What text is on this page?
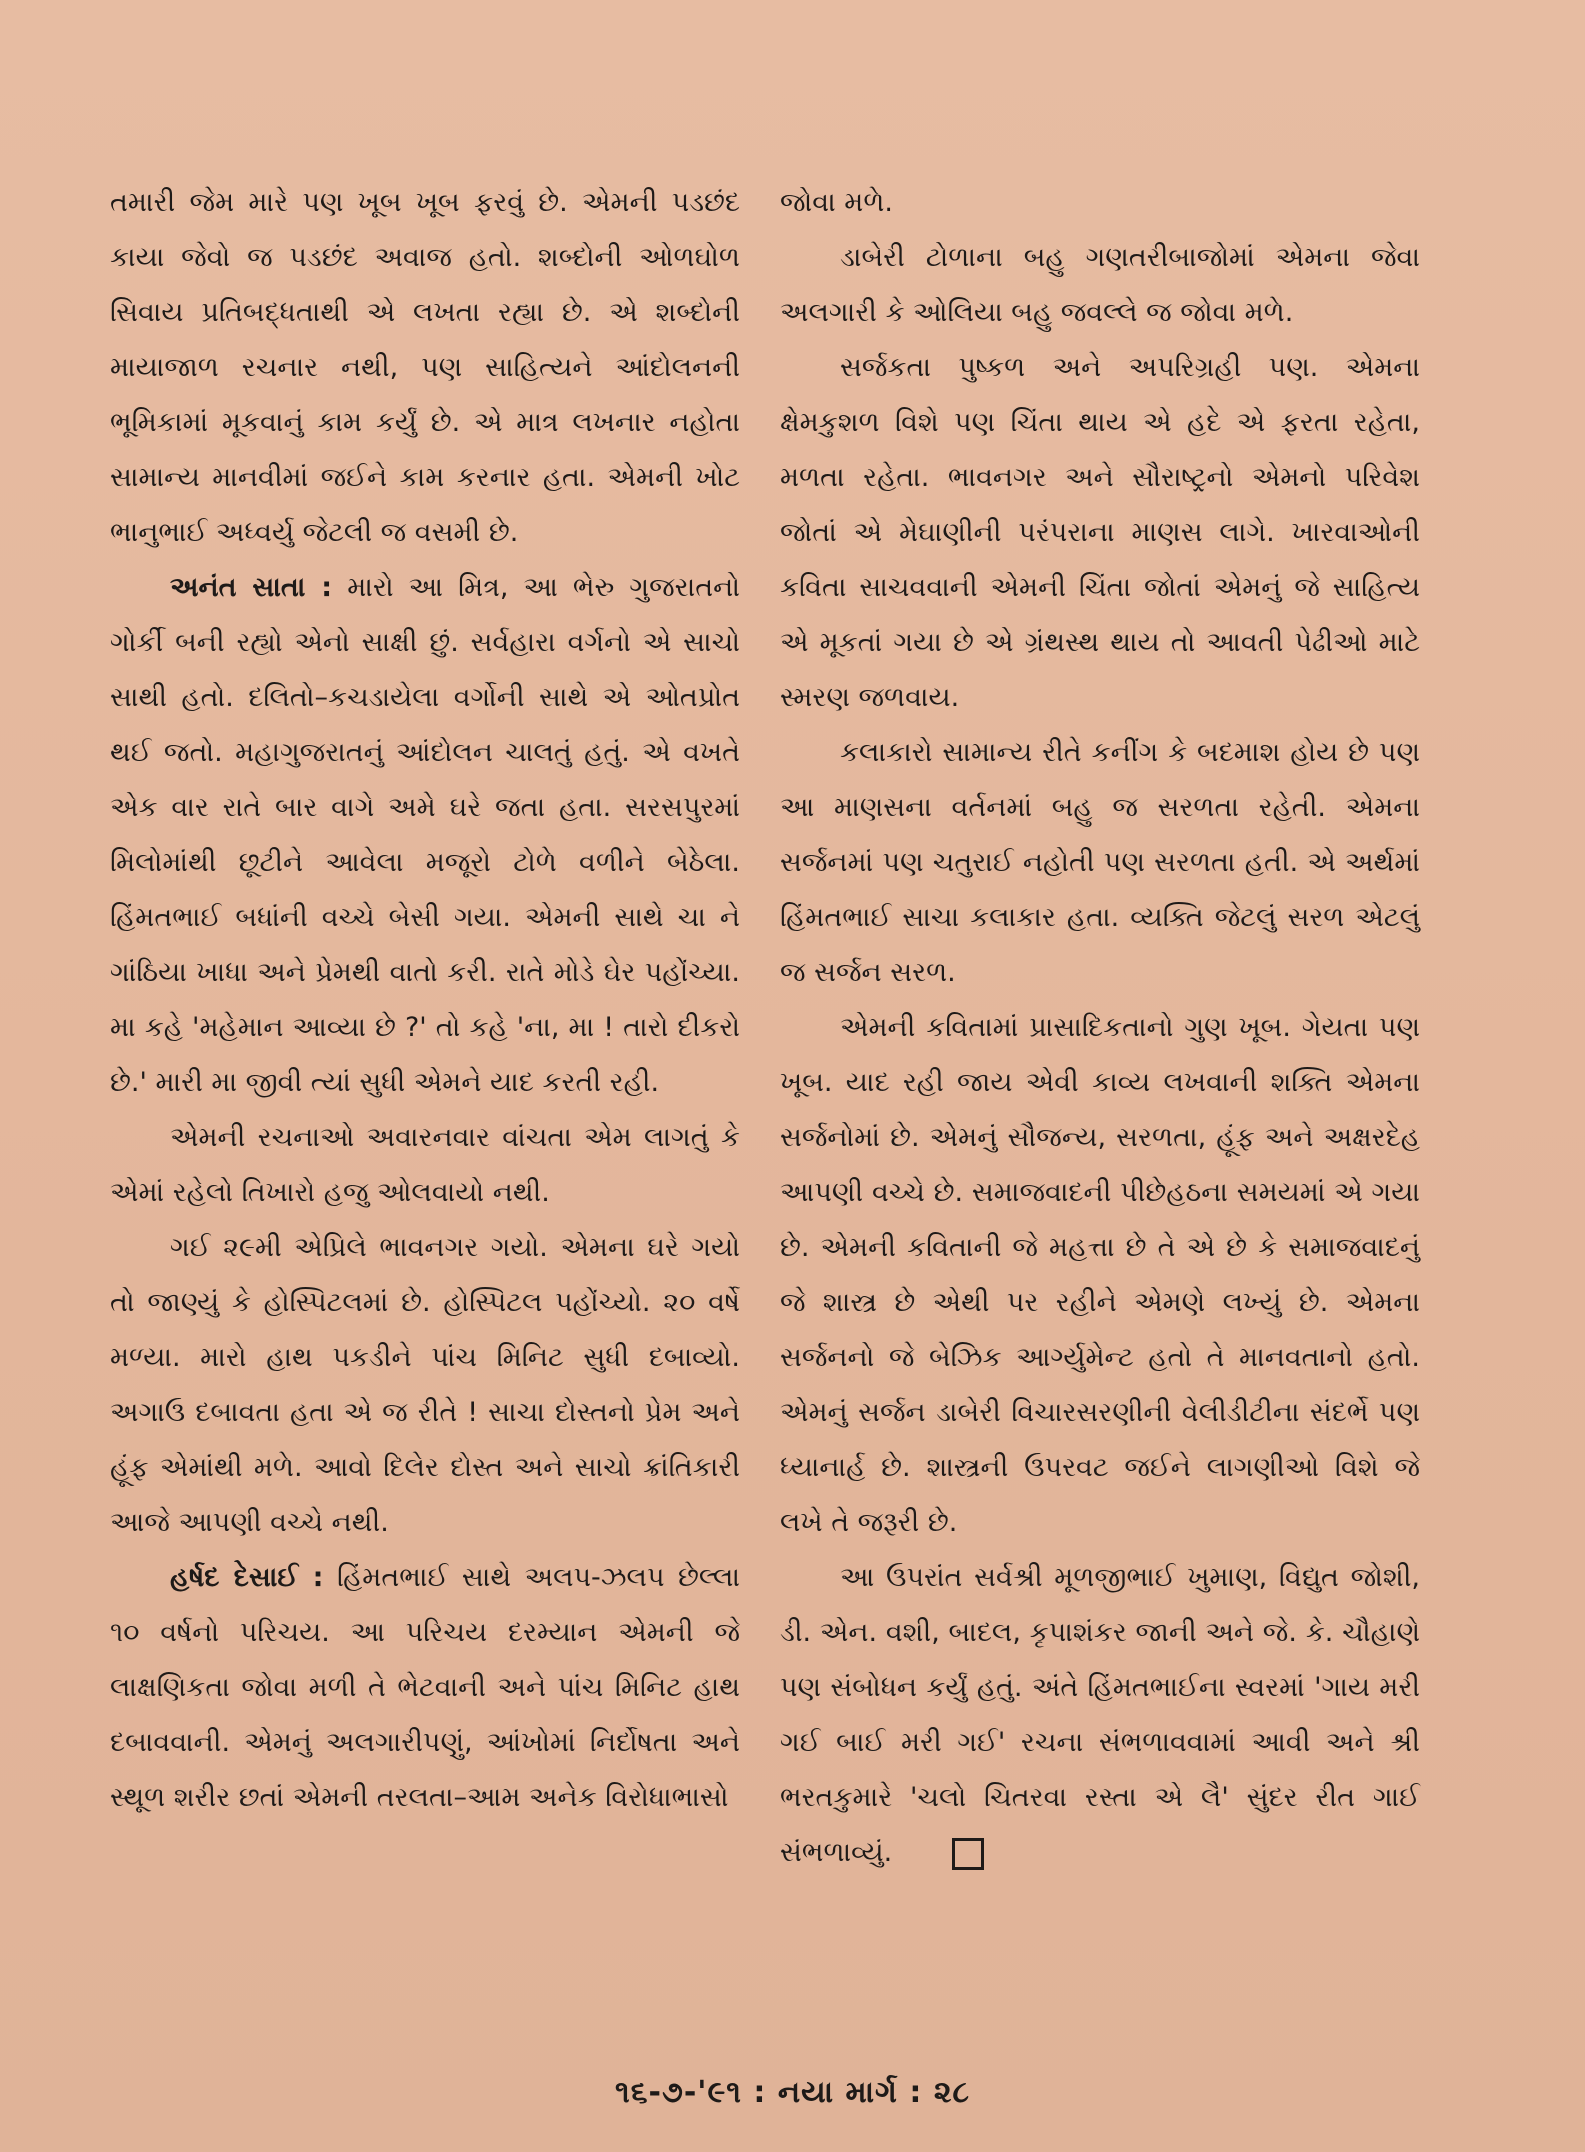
તમારી જેમ મારે પણ ખૂબ ખૂબ ફરવું છે. એમની પડછંદ કાયા જેવો જ પડછંદ અવાજ હતો. શબ્દોની ઓળઘોળ સિવાય પ્રતિબદ્ધતાથી એ લખતા રહ્યા છે. એ શબ્દોની માયાજાળ રચનાર નથી, પણ સાહિત્યને આંદોલનની ભૂમિકામાં મૂકવાનું કામ કર્યું છે. એ માત્ર લખનાર નહોતા સામાન્ય માનવીમાં જઈને કામ કરનાર હતા. એમની ખોટ ભાનુભાઈ અધ્વર્યુ જેટલી જ વસમી છે.

અનંત સાતા : મારો આ મિત્ર, આ ભેરુ ગુજરાતનો ગોર્કી બની રહ્યો એનો સાક્ષી છું. સર્વહારા વર્ગનો એ સાચો સાથી હતો. દલિતો–કચડાયેલા વર્ગોની સાથે એ ઓતપ્રોત થઈ જતો. મહાગુજરાતનું આંદોલન ચાલતું હતું. એ વખતે એક વાર રાતે બાર વાગે અમે ઘરે જતા હતા. સરસપુરમાં મિલોમાંથી છૂટીને આવેલા મજૂરો ટોળે વળીને બેઠેલા. હિંમતભાઈ બધાંની વચ્ચે બેસી ગયા. એમની સાથે ચા ને ગાંઠિયા ખાધા અને પ્રેમથી વાતો કરી. રાતે મોડે ઘેર પહોંચ્યા. મા કહે 'મહેમાન આવ્યા છે ?' તો કહે 'ના, મા ! તારો દીકરો છે.' મારી મા જીવી ત્યાં સુધી એમને યાદ કરતી રહી.

એમની રચનાઓ અવારનવાર વાંચતા એમ લાગતું કે એમાં રહેલો તિખારો હજુ ઓલવાયો નથી.

ગઈ ૨૯મી એપ્રિલે ભાવનગર ગયો. એમના ઘરે ગયો તો જાણ્યું કે હોસ્પિટલમાં છે. હોસ્પિટલ પહોંચ્યો. ૨૦ વર્ષે મળ્યા. મારો હાથ પકડીને પાંચ મિનિટ સુધી દબાવ્યો. અગાઉ દબાવતા હતા એ જ રીતે ! સાચા દોસ્તનો પ્રેમ અને હૂંફ એમાંથી મળે. આવો દિલેર દોસ્ત અને સાચો ક્રાંતિકારી આજે આપણી વચ્ચે નથી.

હર્ષદ દેસાઈ : હિંમતભાઈ સાથે અલપ-ઝલપ છેલ્લા ૧૦ વર્ષનો પરિચય. આ પરિચય દરમ્યાન એમની જે લાક્ષણિકતા જોવા મળી તે ભેટવાની અને પાંચ મિનિટ હાથ દબાવવાની. એમનું અલગારીપણું, આંખોમાં નિર્દોષતા અને સ્થૂળ શરીર છતાં એમની તરલતા–આમ અનેક વિરોધાભાસો

જોવા મળે.

ડાબેરી ટોળાના બહુ ગણતરીબાજોમાં એમના જેવા અલગારી કે ઓલિયા બહુ જવલ્લે જ જોવા મળે.

સર્જકતા પુષ્કળ અને અપરિગ્રહી પણ. એમના ક્ષેમકુશળ વિશે પણ ચિંતા થાય એ હદે એ ફરતા રહેતા, મળતા રહેતા. ભાવનગર અને સૌરાષ્ટ્રનો એમનો પરિવેશ જોતાં એ મેઘાણીની પરંપરાના માણસ લાગે. ખારવાઓની કવિતા સાચવવાની એમની ચિંતા જોતાં એમનું જે સાહિત્ય એ મૂકતાં ગયા છે એ ગ્રંથસ્થ થાય તો આવતી પેઢીઓ માટે સ્મરણ જળવાય.

કલાકારો સામાન્ય રીતે કનીંગ કે બદમાશ હોય છે પણ આ માણસના વર્તનમાં બહુ જ સરળતા રહેતી. એમના સર્જનમાં પણ ચતુરાઈ નહોતી પણ સરળતા હતી. એ અર્થમાં હિંમતભાઈ સાચા કલાકાર હતા. વ્યક્તિ જેટલું સરળ એટલું જ સર્જન સરળ.

એમની કવિતામાં પ્રાસાદિકતાનો ગુણ ખૂબ. ગેયતા પણ ખૂબ. યાદ રહી જાય એવી કાવ્ય લખવાની શક્તિ એમના સર્જનોમાં છે. એમનું સૌજન્ય, સરળતા, હૂંફ અને અક્ષરદેહ આપણી વચ્ચે છે. સમાજવાદની પીછેહઠના સમયમાં એ ગયા છે. એમની કવિતાની જે મહત્તા છે તે એ છે કે સમાજવાદનું જે શાસ્ત્ર છે એથી પર રહીને એમણે લખ્યું છે. એમના સર્જનનો જે બેઝિક આર્ગ્યુમેન્ટ હતો તે માનવતાનો હતો. એમનું સર્જન ડાબેરી વિચારસરણીની વેલીડીટીના સંદર્ભે પણ ધ્યાનાર્હ છે. શાસ્ત્રની ઉપરવટ જઈને લાગણીઓ વિશે જે લખે તે જરૂરી છે.

આ ઉપરાંત સર્વશ્રી મૂળજીભાઈ ખુમાણ, વિદ્યુત જોશી, ડી. એન. વશી, બાદલ, કૃપાશંકર જાની અને જે. કે. ચૌહાણે પણ સંબોધન કર્યું હતું. અંતે હિંમતભાઈના સ્વરમાં 'ગાય મરી ગઈ બાઈ મરી ગઈ' રચના સંભળાવવામાં આવી અને શ્રી ભરતકુમારે 'ચલો ચિતરવા રસ્તા એ લૈ' સુંદર રીત ગાઈ સંભળાવ્યું.

૧૬-૭-'૯૧ : નયા માર્ગ : ૨૮
